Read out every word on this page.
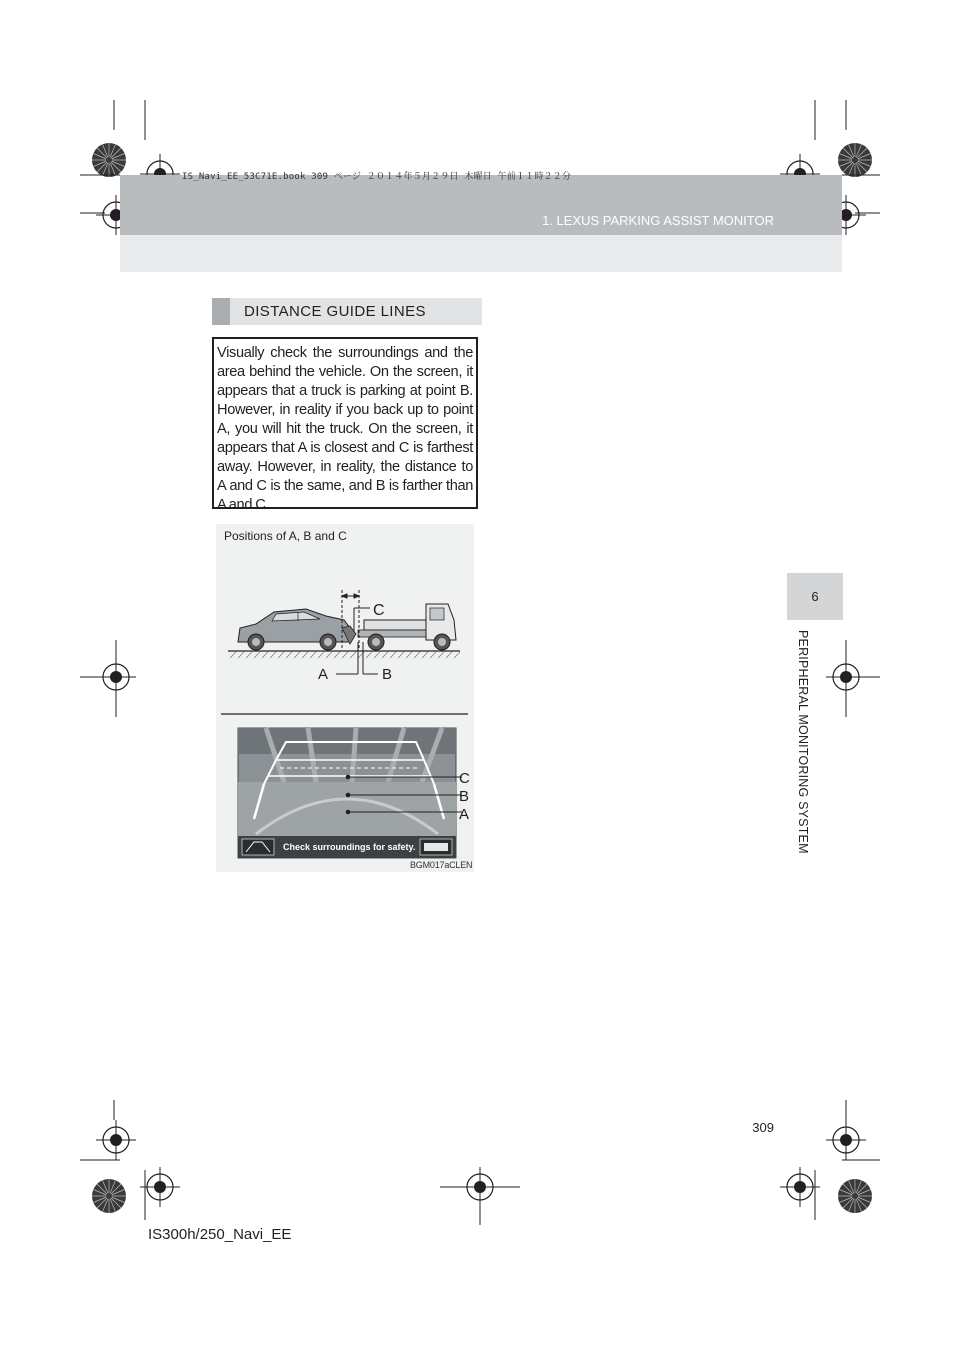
IS_Navi_EE_53C71E.book 309 ページ ２０１４年５月２９日 木曜日 午前１１時２２分
1. LEXUS PARKING ASSIST MONITOR
6
PERIPHERAL MONITORING SYSTEM
DISTANCE GUIDE LINES
Visually check the surroundings and the area behind the vehicle. On the screen, it appears that a truck is parking at point B. However, in reality if you back up to point A, you will hit the truck. On the screen, it appears that A is closest and C is farthest away. However, in reality, the distance to A and C is the same, and B is farther than A and C.
Positions of A, B and C
C
A	B
C
B
A
Check surroundings for safety.
BGM017aCLEN
309
IS300h/250_Navi_EE
